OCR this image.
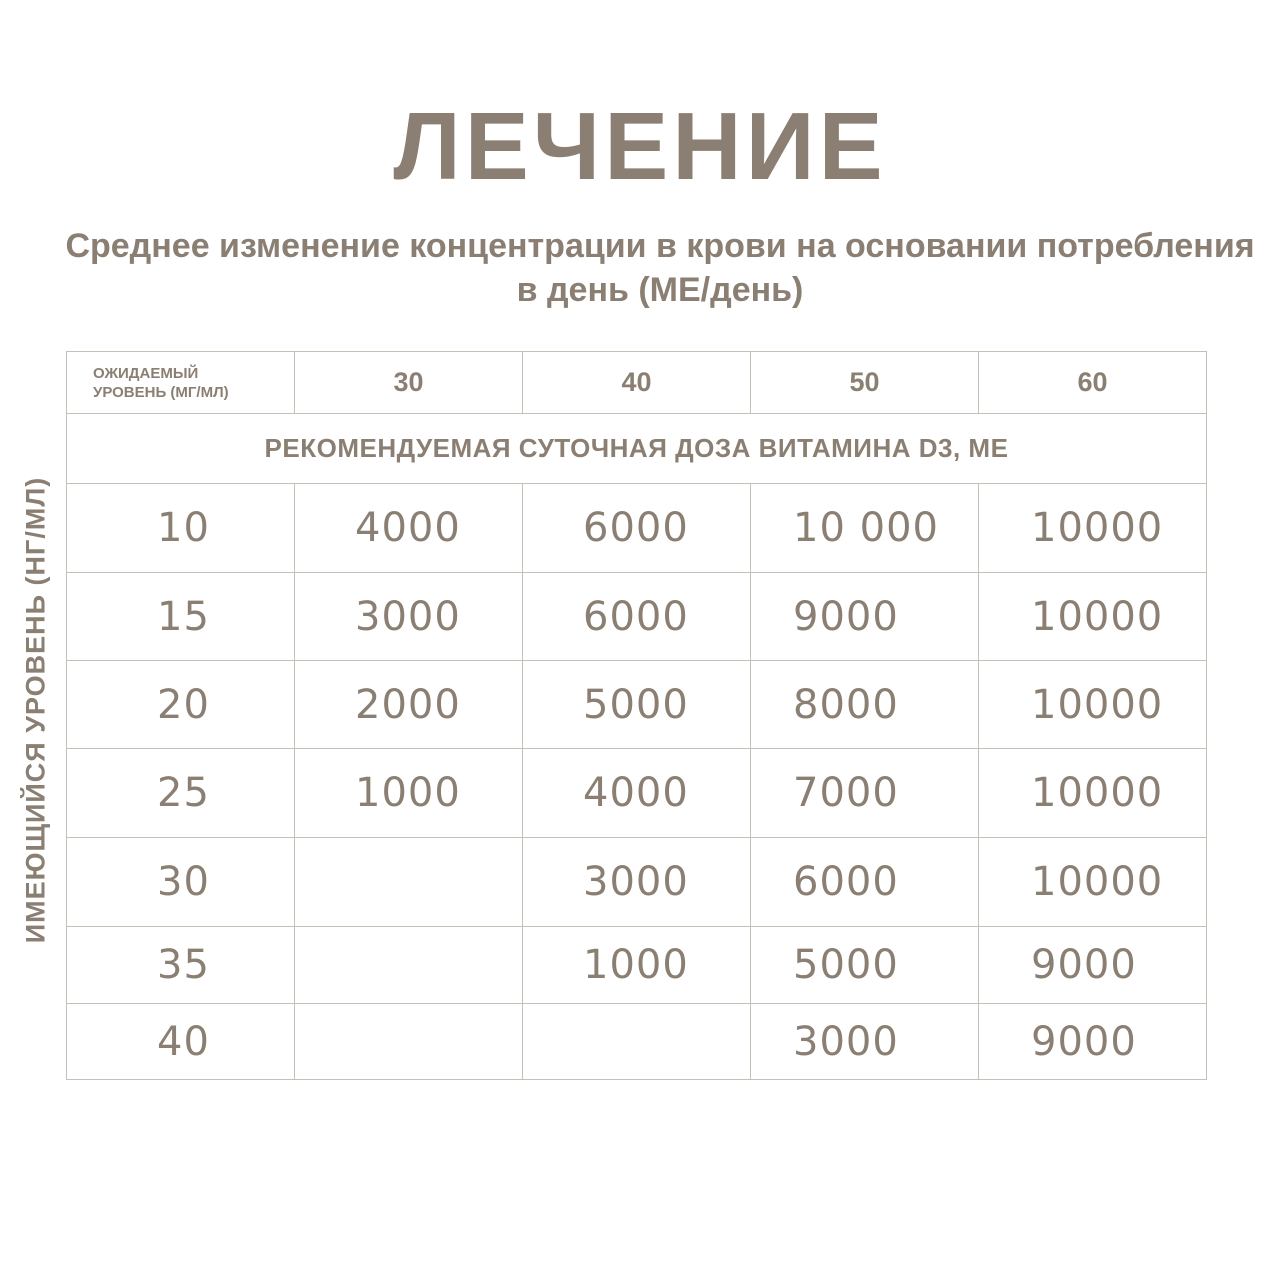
ЛЕЧЕНИЕ
Среднее изменение концентрации в крови на основании потребления в день (МЕ/день)
ИМЕЮЩИЙСЯ УРОВЕНЬ (НГ/МЛ)
ОЖИДАЕМЫЙ
УРОВЕНЬ (МГ/МЛ)	30	40	50	60
РЕКОМЕНДУЕМАЯ СУТОЧНАЯ ДОЗА ВИТАМИНА D3, МЕ				
10	4000	6000	10 000	10000
15	3000	6000	9000	10000
20	2000	5000	8000	10000
25	1000	4000	7000	10000
30		3000	6000	10000
35		1000	5000	9000
40			3000	9000
